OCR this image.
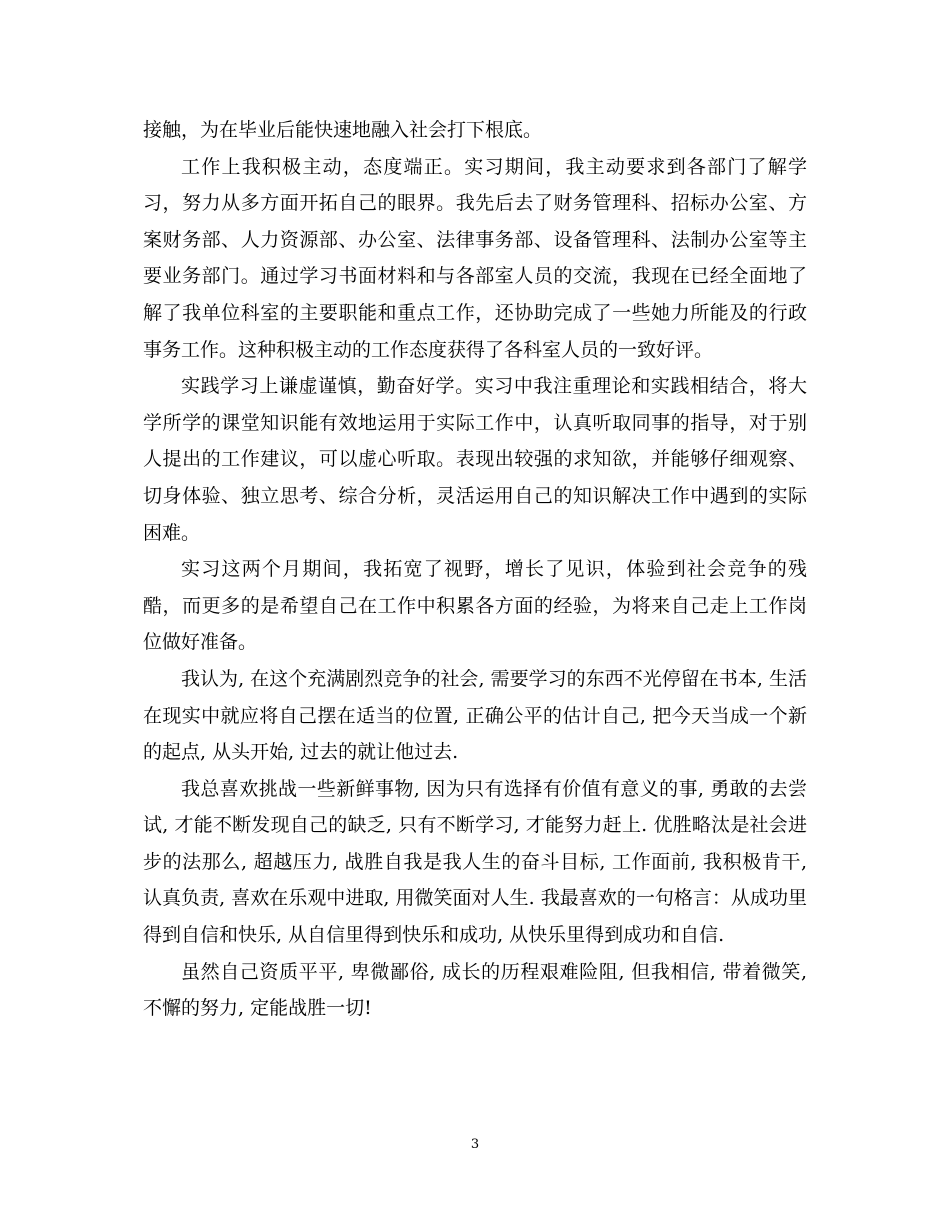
接触，为在毕业后能快速地融入社会打下根底。

工作上我积极主动，态度端正。实习期间，我主动要求到各部门了解学习，努力从多方面开拓自己的眼界。我先后去了财务管理科、招标办公室、方案财务部、人力资源部、办公室、法律事务部、设备管理科、法制办公室等主要业务部门。通过学习书面材料和与各部室人员的交流，我现在已经全面地了解了我单位科室的主要职能和重点工作，还协助完成了一些她力所能及的行政事务工作。这种积极主动的工作态度获得了各科室人员的一致好评。

实践学习上谦虚谨慎，勤奋好学。实习中我注重理论和实践相结合，将大学所学的课堂知识能有效地运用于实际工作中，认真听取同事的指导，对于别人提出的工作建议，可以虚心听取。表现出较强的求知欲，并能够仔细观察、切身体验、独立思考、综合分析，灵活运用自己的知识解决工作中遇到的实际困难。

实习这两个月期间，我拓宽了视野，增长了见识，体验到社会竞争的残酷，而更多的是希望自己在工作中积累各方面的经验，为将来自己走上工作岗位做好准备。

我认为, 在这个充满剧烈竞争的社会, 需要学习的东西不光停留在书本, 生活在现实中就应将自己摆在适当的位置, 正确公平的估计自己, 把今天当成一个新的起点, 从头开始, 过去的就让他过去.

我总喜欢挑战一些新鲜事物, 因为只有选择有价值有意义的事, 勇敢的去尝试, 才能不断发现自己的缺乏, 只有不断学习, 才能努力赶上. 优胜略汰是社会进步的法那么, 超越压力, 战胜自我是我人生的奋斗目标, 工作面前, 我积极肯干, 认真负责, 喜欢在乐观中进取, 用微笑面对人生. 我最喜欢的一句格言：从成功里得到自信和快乐, 从自信里得到快乐和成功, 从快乐里得到成功和自信.

虽然自己资质平平, 卑微鄙俗, 成长的历程艰难险阻, 但我相信, 带着微笑, 不懈的努力, 定能战胜一切!

3
